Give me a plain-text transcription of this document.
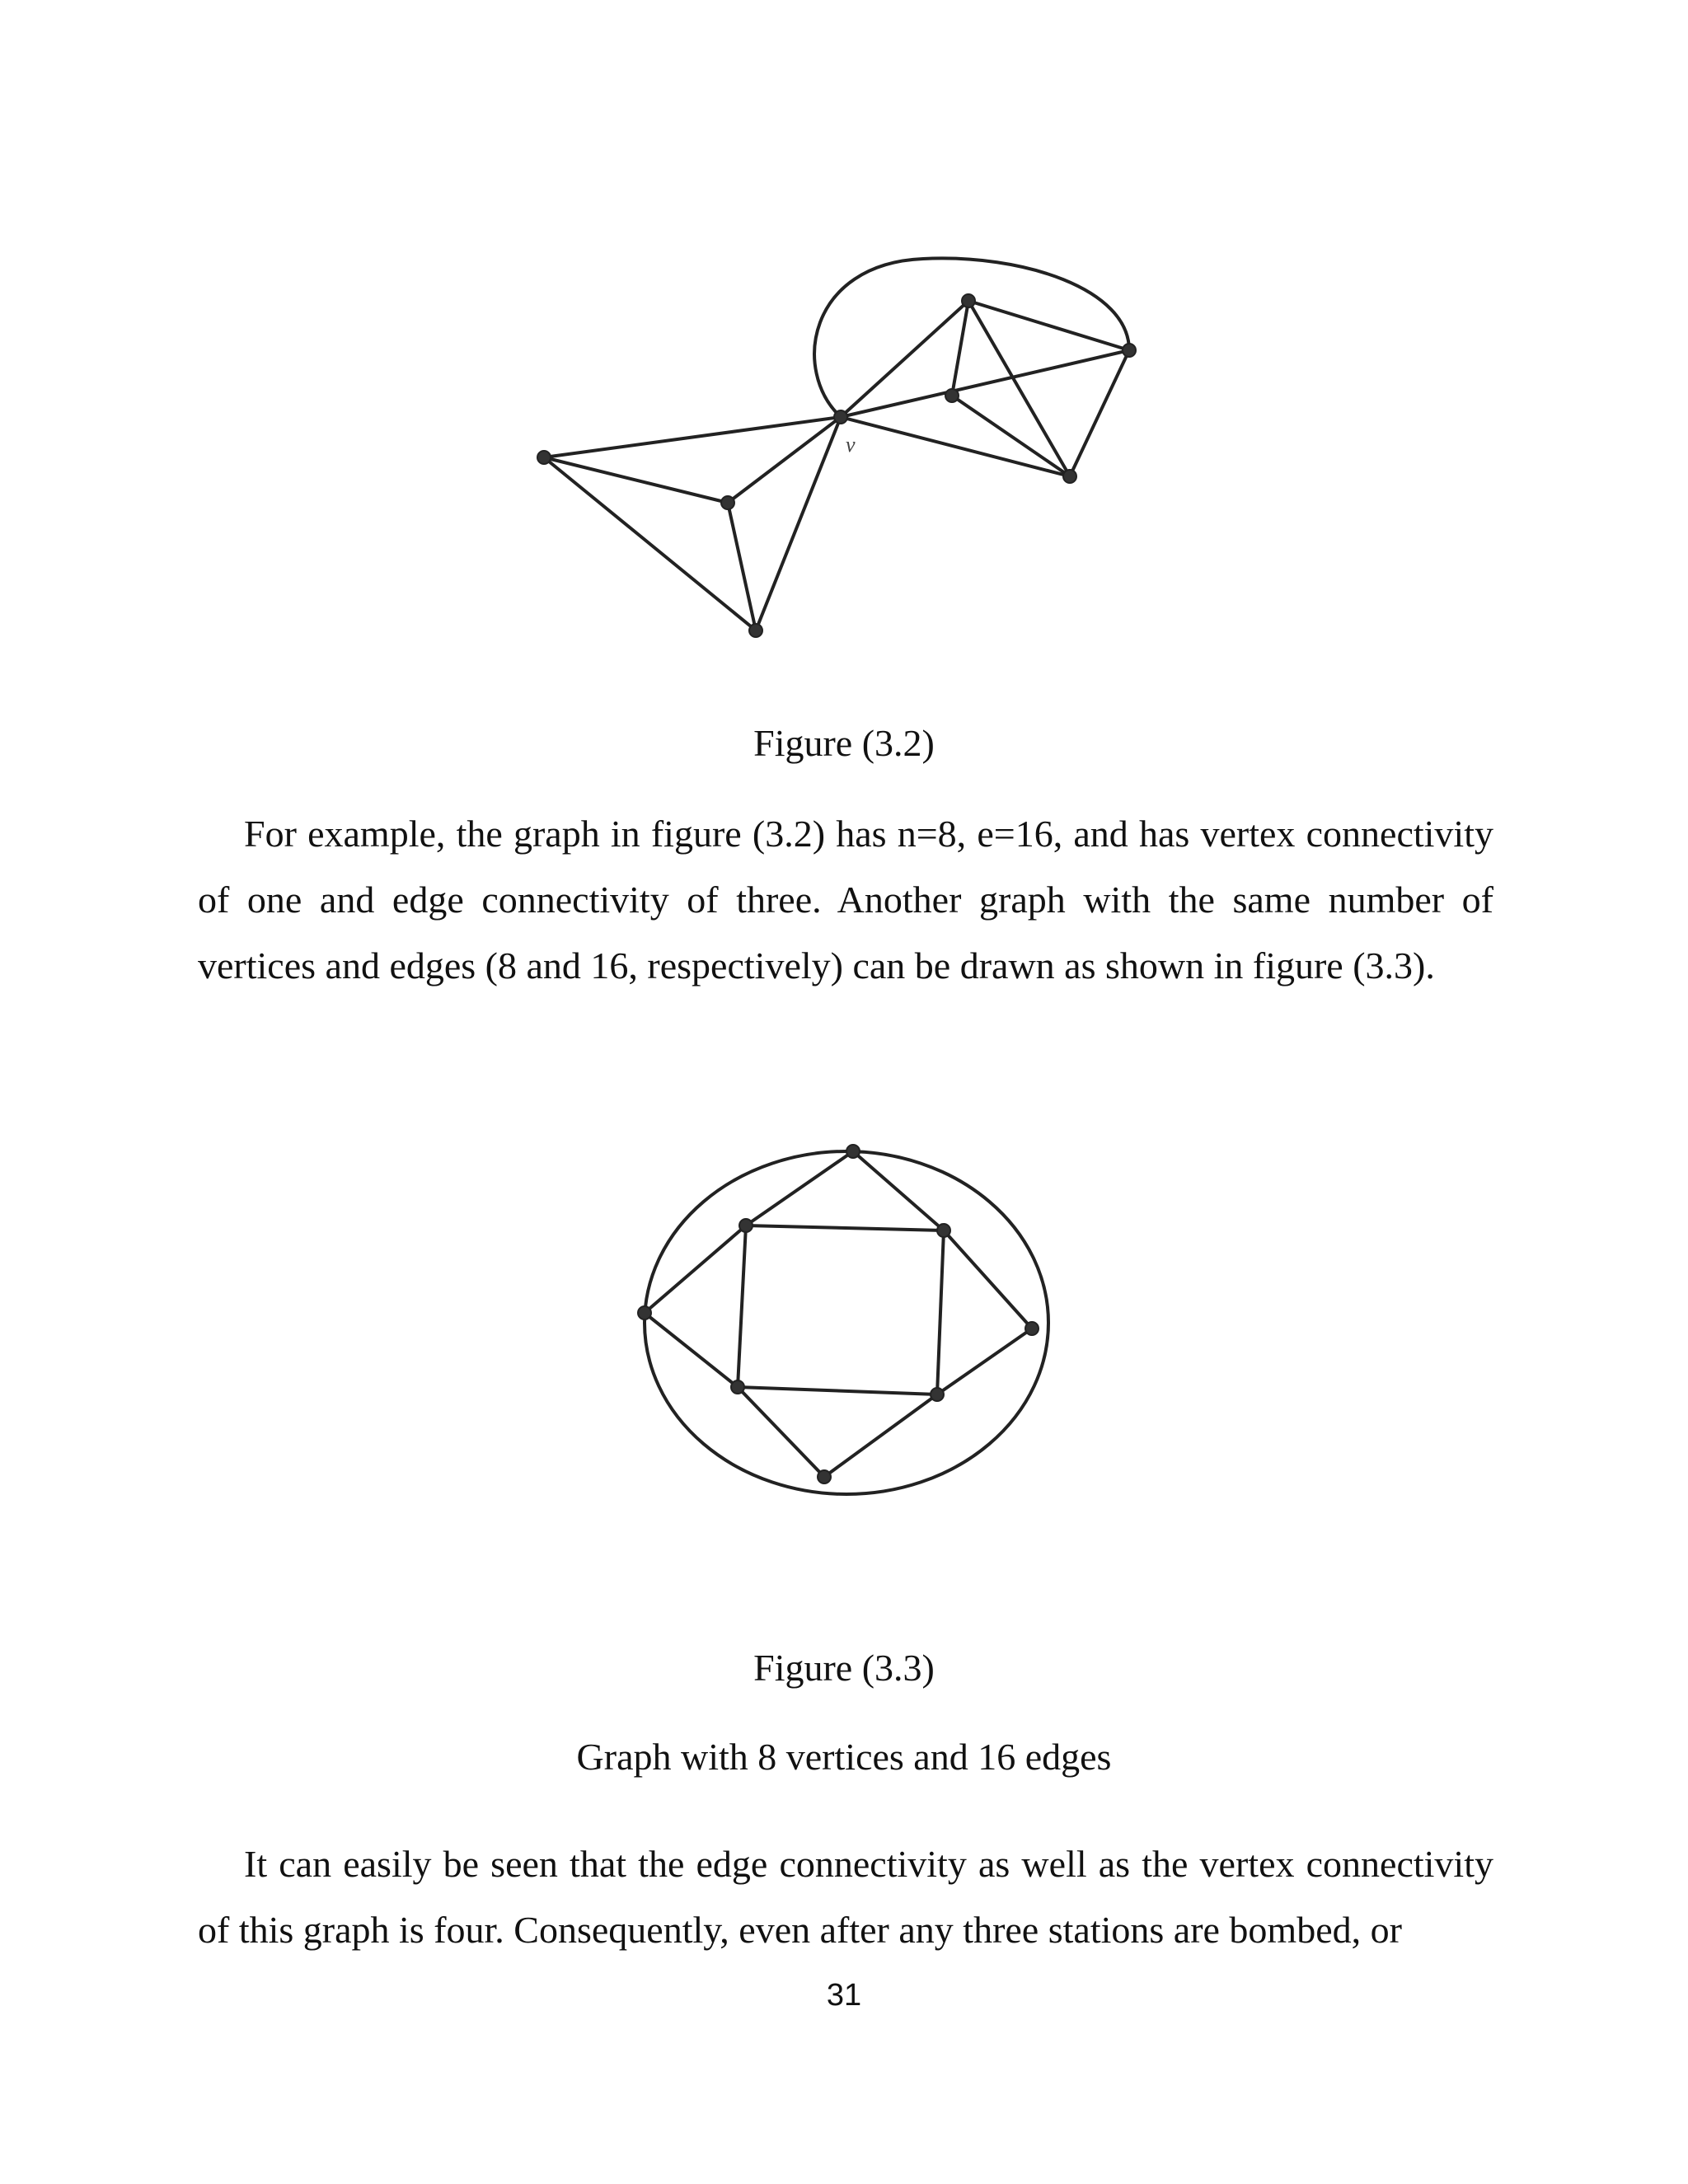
v
Figure (3.2)

For example, the graph in figure (3.2) has n=8, e=16, and has vertex connectivity of one and edge connectivity of three. Another graph with the same number of vertices and edges (8 and 16, respectively) can be drawn as shown in figure (3.3).

Figure (3.3)
Graph with 8 vertices and 16 edges

It can easily be seen that the edge connectivity as well as the vertex connectivity of this graph is four. Consequently, even after any three stations are bombed, or

31
